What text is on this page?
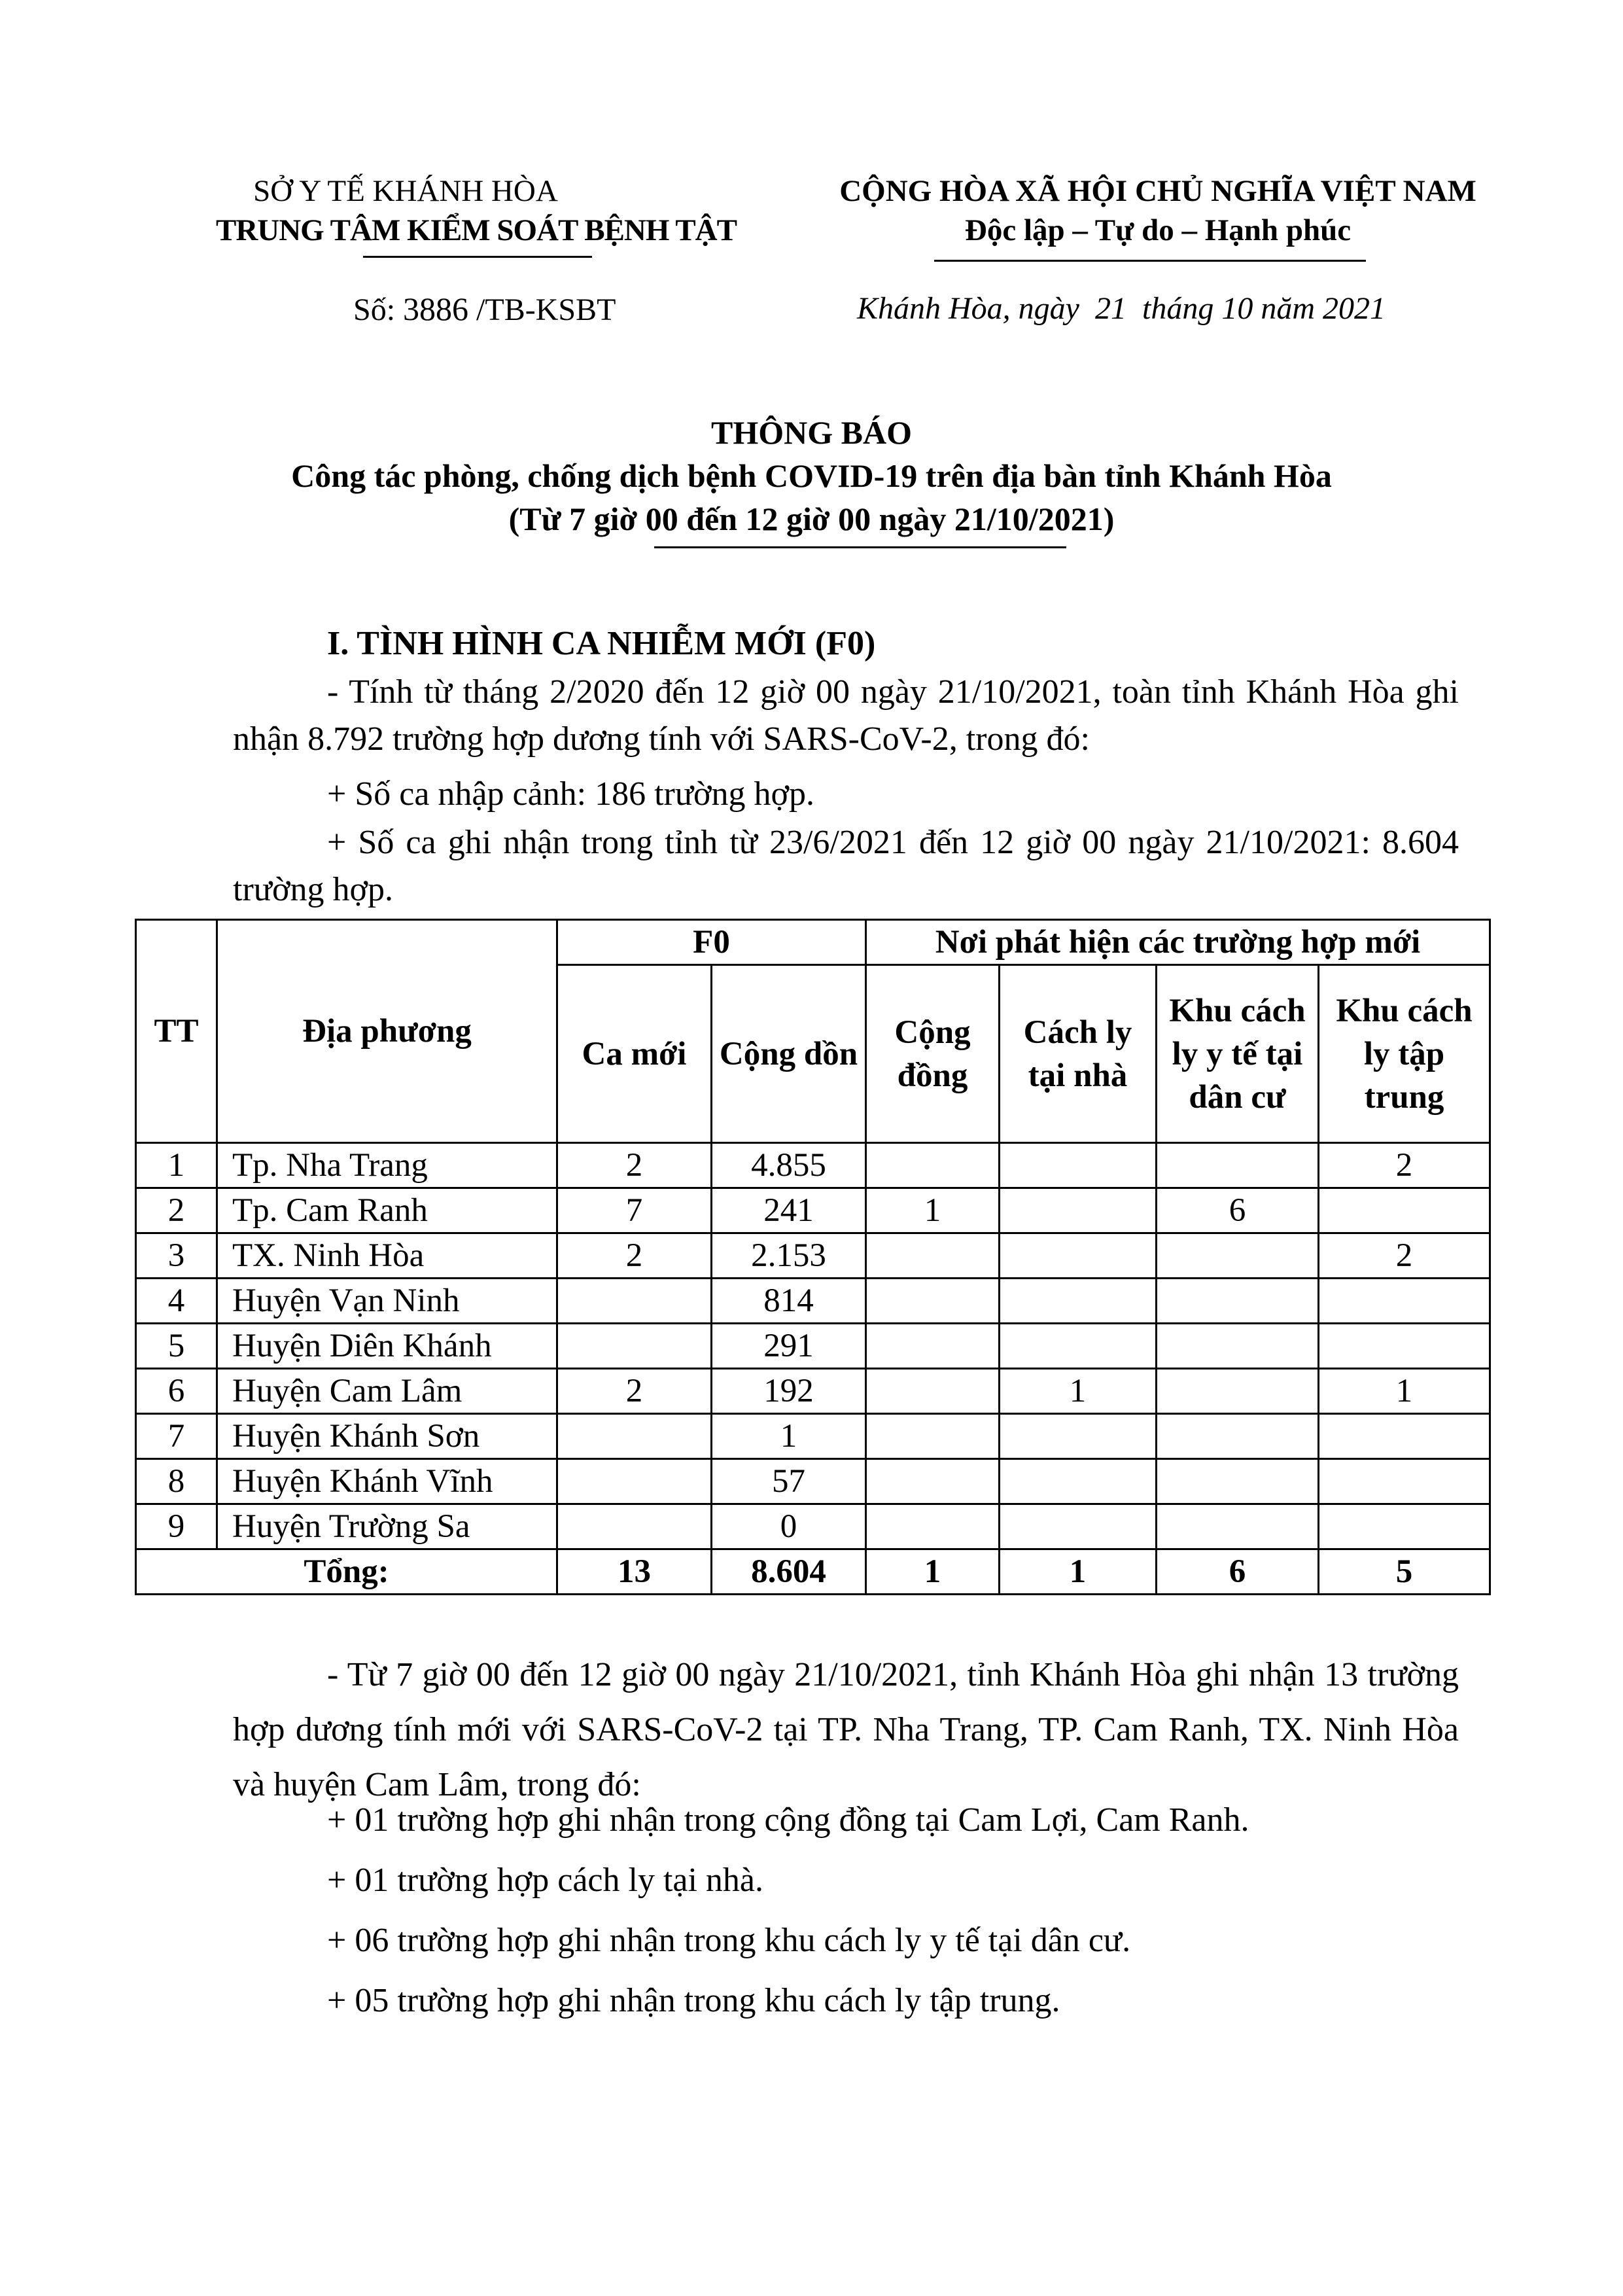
SỞ Y TẾ KHÁNH HÒA
TRUNG TÂM KIỂM SOÁT BỆNH TẬT
CỘNG HÒA XÃ HỘI CHỦ NGHĨA VIỆT NAM
Độc lập – Tự do – Hạnh phúc
Số: 3886 /TB-KSBT	Khánh Hòa, ngày  21  tháng 10 năm 2021
THÔNG BÁO
Công tác phòng, chống dịch bệnh COVID-19 trên địa bàn tỉnh Khánh Hòa
(Từ 7 giờ 00 đến 12 giờ 00 ngày 21/10/2021)
I. TÌNH HÌNH CA NHIỄM MỚI (F0)
- Tính từ tháng 2/2020 đến 12 giờ 00 ngày 21/10/2021, toàn tỉnh Khánh Hòa ghi nhận 8.792 trường hợp dương tính với SARS-CoV-2, trong đó:
+ Số ca nhập cảnh: 186 trường hợp.
+ Số ca ghi nhận trong tỉnh từ 23/6/2021 đến 12 giờ 00 ngày 21/10/2021: 8.604 trường hợp.
TT	Địa phương	F0		Nơi phát hiện các trường hợp mới			
		Ca mới	Cộng dồn	Cộng đồng	Cách ly tại nhà	Khu cách ly y tế tại dân cư	Khu cách ly tập trung
1	Tp. Nha Trang	2	4.855				2
2	Tp. Cam Ranh	7	241	1		6	
3	TX. Ninh Hòa	2	2.153				2
4	Huyện Vạn Ninh		814				
5	Huyện Diên Khánh		291				
6	Huyện Cam Lâm	2	192		1		1
7	Huyện Khánh Sơn		1				
8	Huyện Khánh Vĩnh		57				
9	Huyện Trường Sa		0				
Tổng:		13	8.604	1	1	6	5
- Từ 7 giờ 00 đến 12 giờ 00 ngày 21/10/2021, tỉnh Khánh Hòa ghi nhận 13 trường hợp dương tính mới với SARS-CoV-2 tại TP. Nha Trang, TP. Cam Ranh, TX. Ninh Hòa và huyện Cam Lâm, trong đó:
+ 01 trường hợp ghi nhận trong cộng đồng tại Cam Lợi, Cam Ranh.
+ 01 trường hợp cách ly tại nhà.
+ 06 trường hợp ghi nhận trong khu cách ly y tế tại dân cư.
+ 05 trường hợp ghi nhận trong khu cách ly tập trung.
